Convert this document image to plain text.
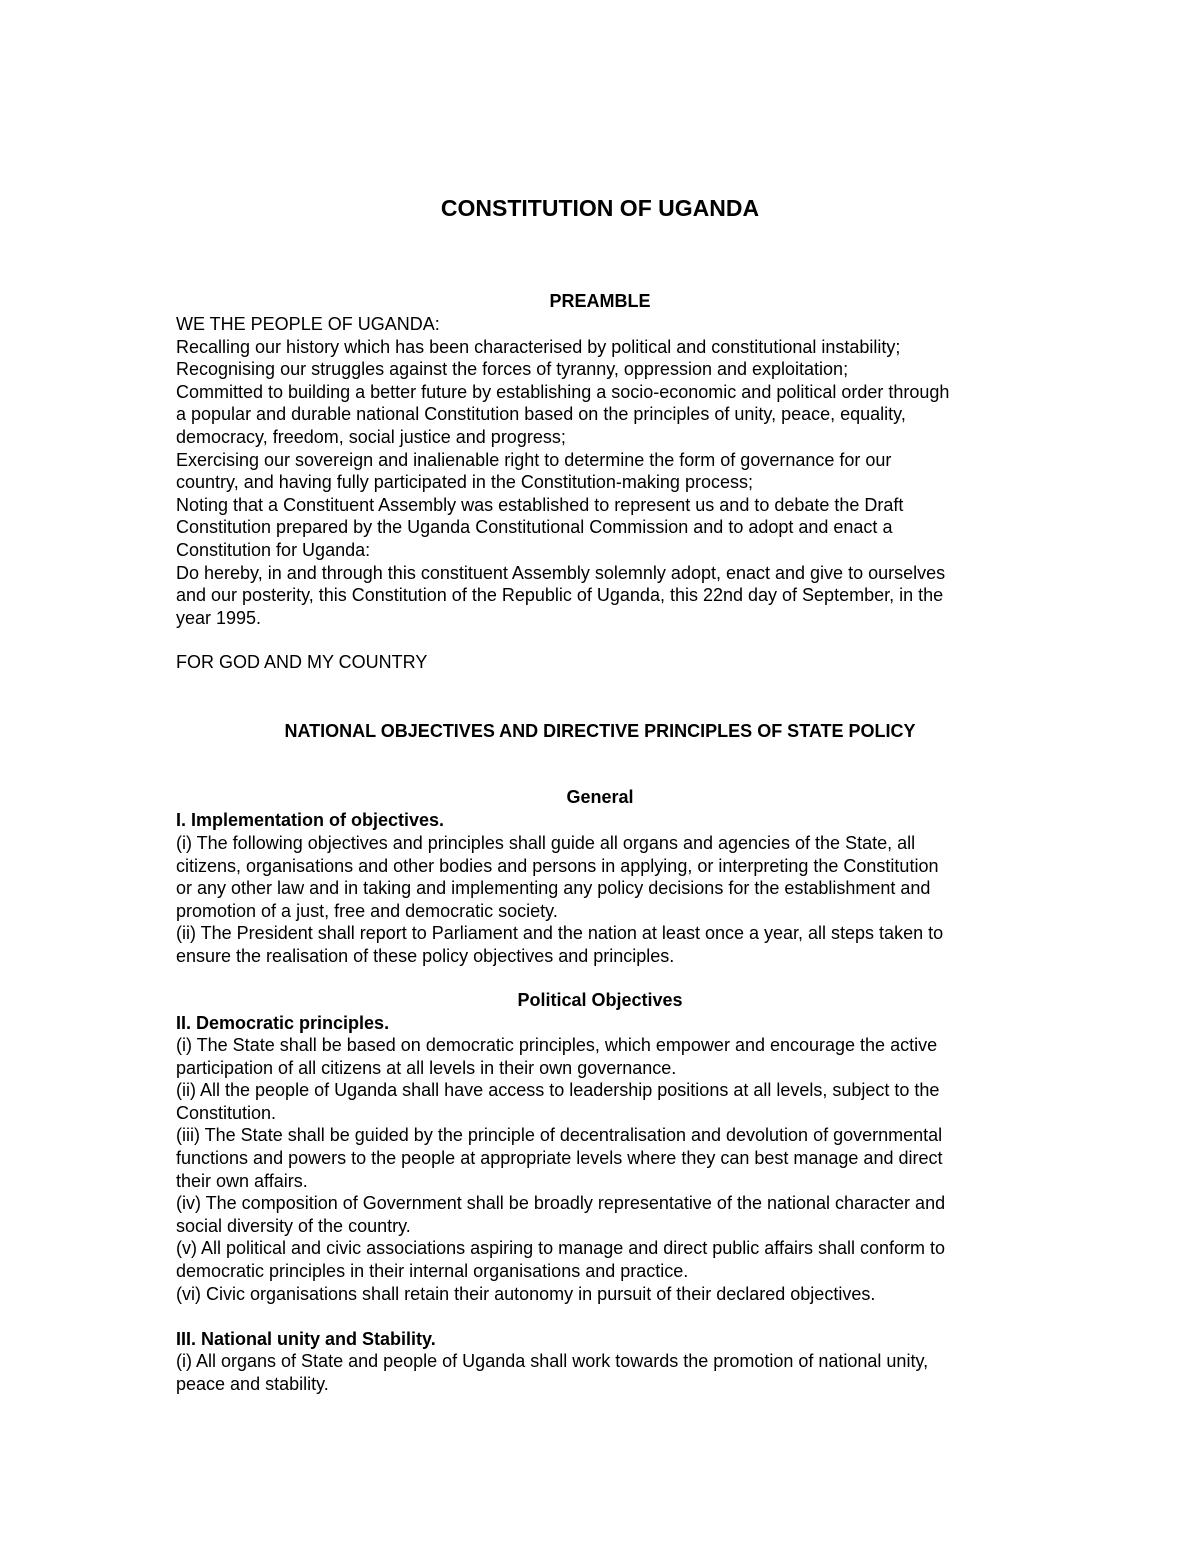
CONSTITUTION OF UGANDA
PREAMBLE
WE THE PEOPLE OF UGANDA:
Recalling our history which has been characterised by political and constitutional instability;
Recognising our struggles against the forces of tyranny, oppression and exploitation;
Committed to building a better future by establishing a socio-economic and political order through
a popular and durable national Constitution based on the principles of unity, peace, equality,
democracy, freedom, social justice and progress;
Exercising our sovereign and inalienable right to determine the form of governance for our
country, and having fully participated in the Constitution-making process;
Noting that a Constituent Assembly was established to represent us and to debate the Draft
Constitution prepared by the Uganda Constitutional Commission and to adopt and enact a
Constitution for Uganda:
Do hereby, in and through this constituent Assembly solemnly adopt, enact and give to ourselves
and our posterity, this Constitution of the Republic of Uganda, this 22nd day of September, in the
year 1995.
FOR GOD AND MY COUNTRY
NATIONAL OBJECTIVES AND DIRECTIVE PRINCIPLES OF STATE POLICY
General
I. Implementation of objectives.
(i) The following objectives and principles shall guide all organs and agencies of the State, all
citizens, organisations and other bodies and persons in applying, or interpreting the Constitution
or any other law and in taking and implementing any policy decisions for the establishment and
promotion of a just, free and democratic society.
(ii) The President shall report to Parliament and the nation at least once a year, all steps taken to
ensure the realisation of these policy objectives and principles.
Political Objectives
II. Democratic principles.
(i) The State shall be based on democratic principles, which empower and encourage the active
participation of all citizens at all levels in their own governance.
(ii) All the people of Uganda shall have access to leadership positions at all levels, subject to the
Constitution.
(iii) The State shall be guided by the principle of decentralisation and devolution of governmental
functions and powers to the people at appropriate levels where they can best manage and direct
their own affairs.
(iv) The composition of Government shall be broadly representative of the national character and
social diversity of the country.
(v) All political and civic associations aspiring to manage and direct public affairs shall conform to
democratic principles in their internal organisations and practice.
(vi) Civic organisations shall retain their autonomy in pursuit of their declared objectives.
III. National unity and Stability.
(i) All organs of State and people of Uganda shall work towards the promotion of national unity,
peace and stability.
